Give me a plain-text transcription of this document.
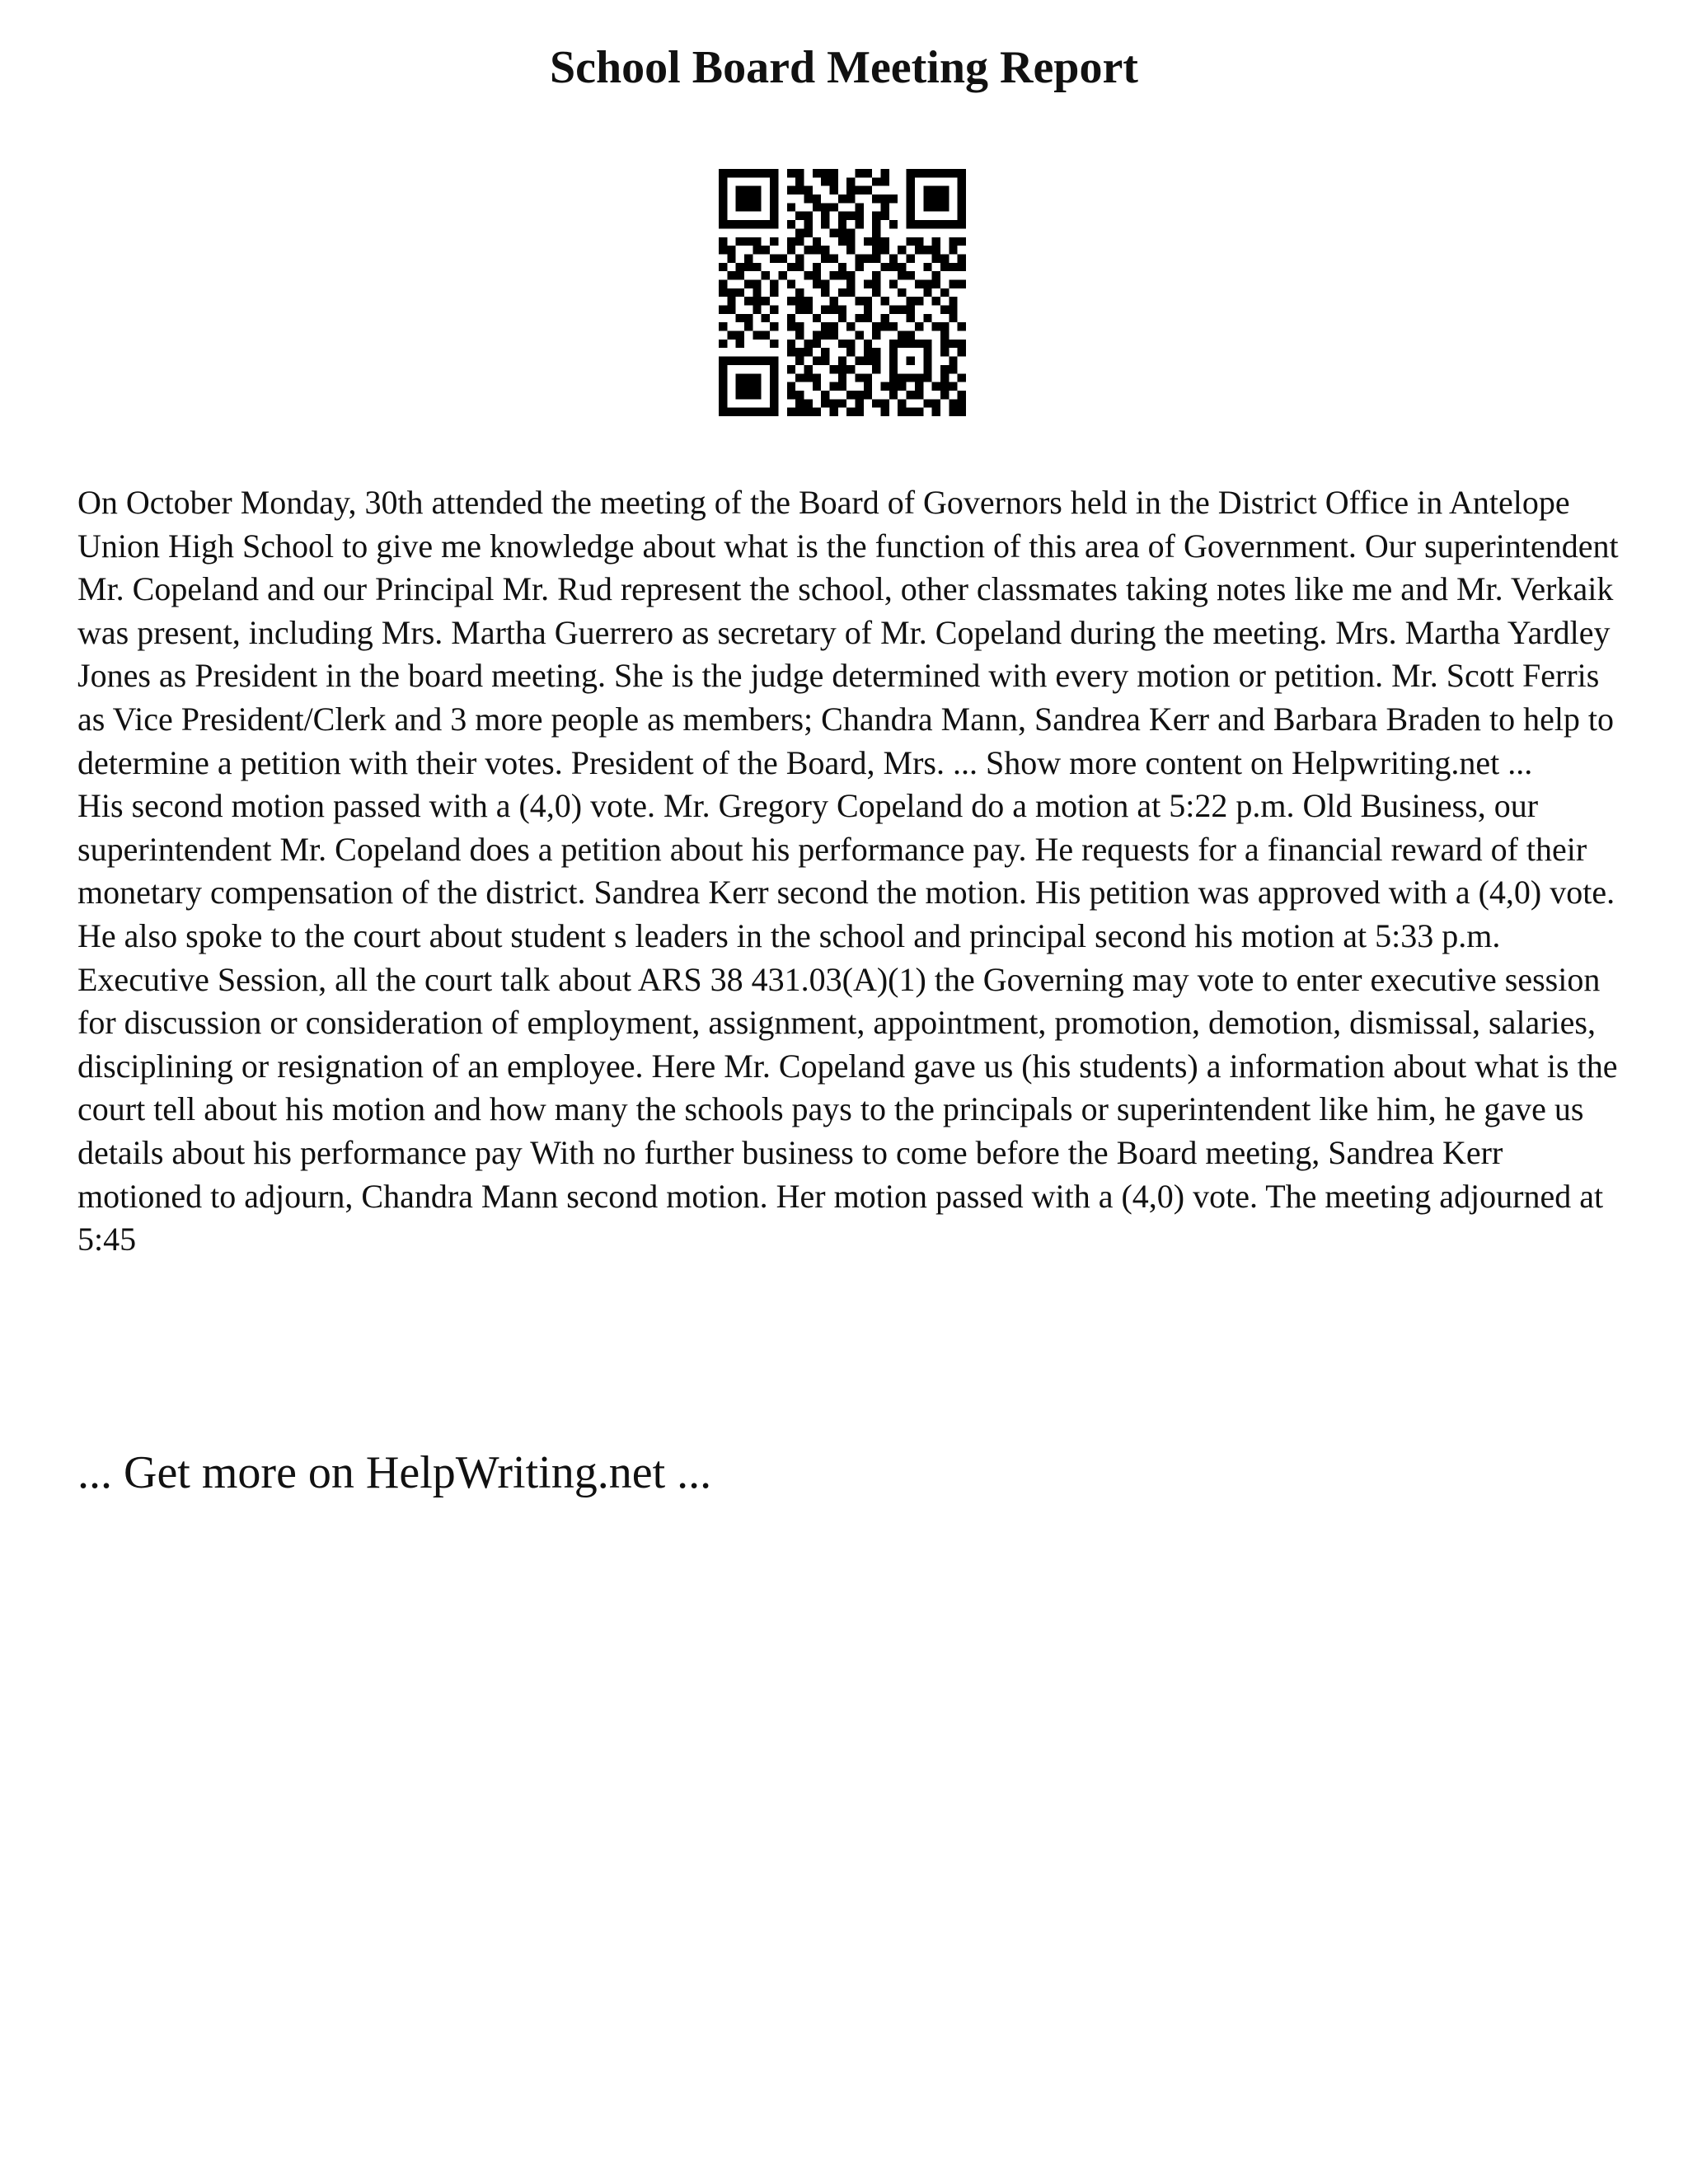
School Board Meeting Report

On October Monday, 30th attended the meeting of the Board of Governors held in the District Office in Antelope Union High School to give me knowledge about what is the function of this area of Government. Our superintendent Mr. Copeland and our Principal Mr. Rud represent the school, other classmates taking notes like me and Mr. Verkaik was present, including Mrs. Martha Guerrero as secretary of Mr. Copeland during the meeting. Mrs. Martha Yardley Jones as President in the board meeting. She is the judge determined with every motion or petition. Mr. Scott Ferris as Vice President/Clerk and 3 more people as members; Chandra Mann, Sandrea Kerr and Barbara Braden to help to determine a petition with their votes. President of the Board, Mrs. ... Show more content on Helpwriting.net ...

His second motion passed with a (4,0) vote. Mr. Gregory Copeland do a motion at 5:22 p.m. Old Business, our superintendent Mr. Copeland does a petition about his performance pay. He requests for a financial reward of their monetary compensation of the district. Sandrea Kerr second the motion. His petition was approved with a (4,0) vote. He also spoke to the court about student s leaders in the school and principal second his motion at 5:33 p.m. Executive Session, all the court talk about ARS 38 431.03(A)(1) the Governing may vote to enter executive session for discussion or consideration of employment, assignment, appointment, promotion, demotion, dismissal, salaries, disciplining or resignation of an employee. Here Mr. Copeland gave us (his students) a information about what is the court tell about his motion and how many the schools pays to the principals or superintendent like him, he gave us details about his performance pay With no further business to come before the Board meeting, Sandrea Kerr motioned to adjourn, Chandra Mann second motion. Her motion passed with a (4,0) vote. The meeting adjourned at 5:45

... Get more on HelpWriting.net ...
